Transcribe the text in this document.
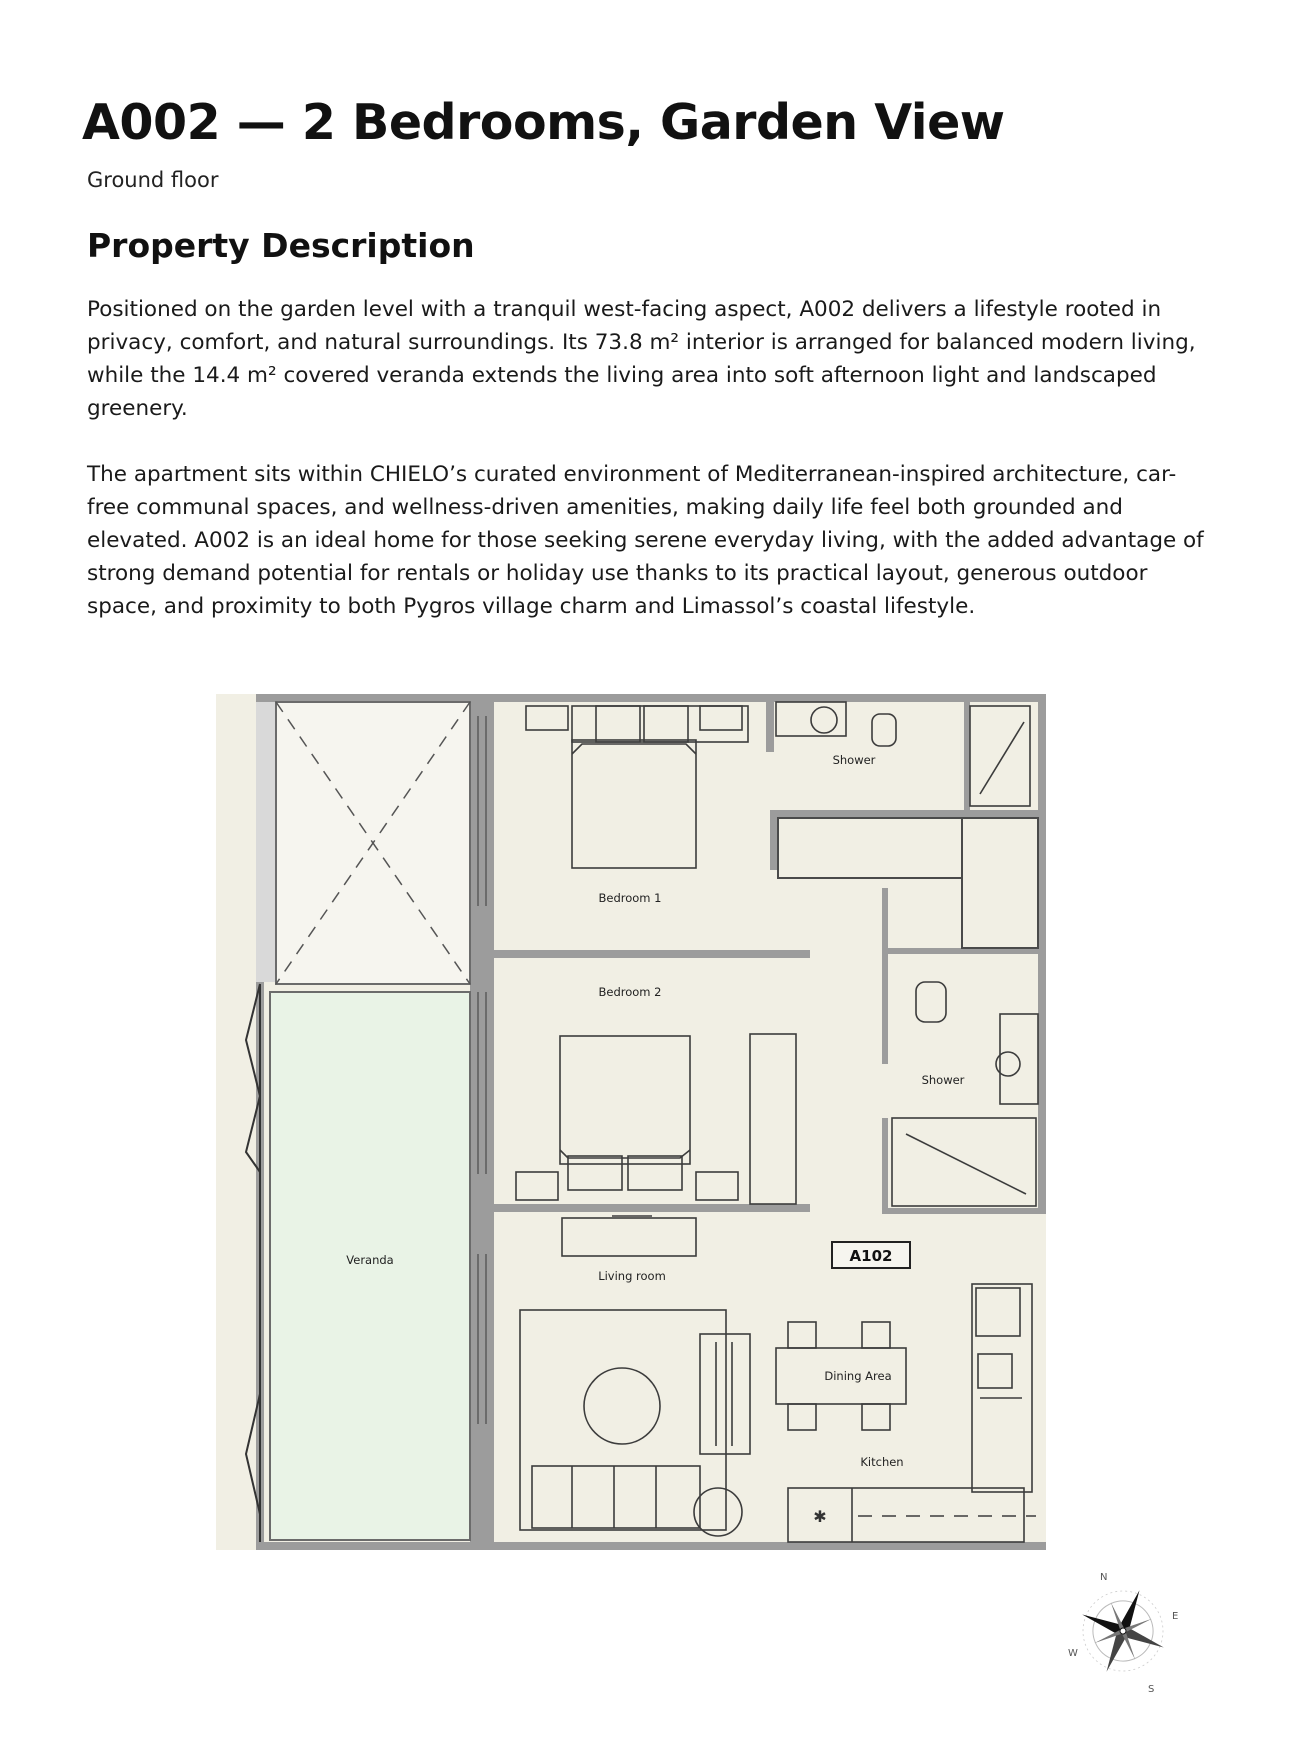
A002 — 2 Bedrooms, Garden View
Ground floor
Property Description

Positioned on the garden level with a tranquil west-facing aspect, A002 delivers a lifestyle rooted in privacy, comfort, and natural surroundings. Its 73.8 m² interior is arranged for balanced modern living, while the 14.4 m² covered veranda extends the living area into soft afternoon light and landscaped greenery.

The apartment sits within CHIELO’s curated environment of Mediterranean-inspired architecture, car-free communal spaces, and wellness-driven amenities, making daily life feel both grounded and elevated. A002 is an ideal home for those seeking serene everyday living, with the added advantage of strong demand potential for rentals or holiday use thanks to its practical layout, generous outdoor space, and proximity to both Pygros village charm and Limassol’s coastal lifestyle.

✱
A102
Shower
Bedroom 1
Bedroom 2
Shower
Veranda
Living room
Dining Area
Kitchen
N
E
S
W
